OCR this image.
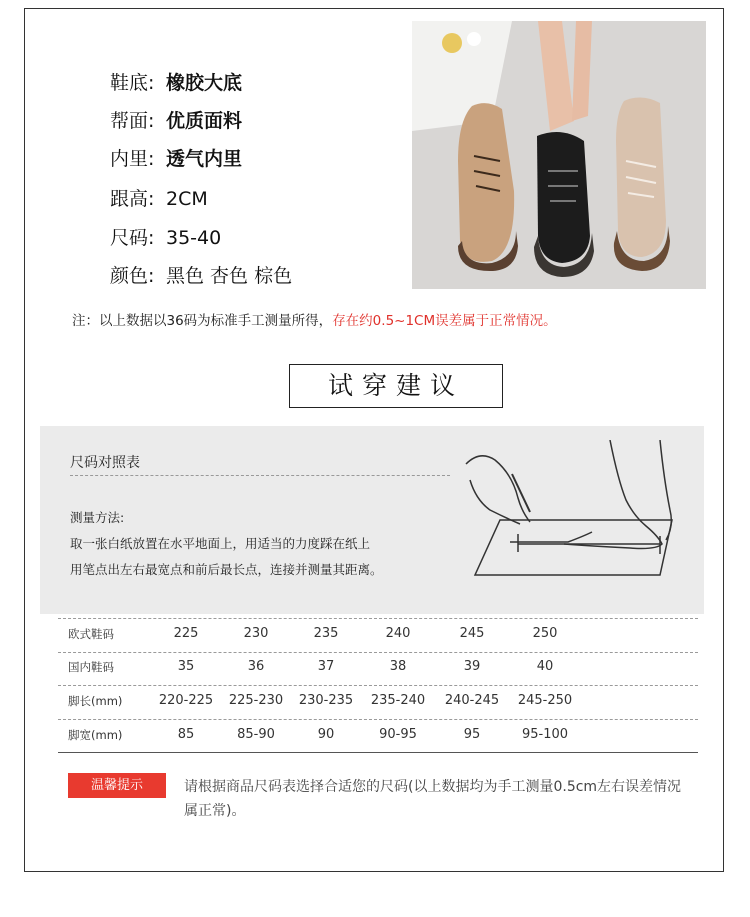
鞋底: 橡胶大底
帮面: 优质面料
内里: 透气内里
跟高: 2CM
尺码: 35-40
颜色: 黑色 杏色 棕色
注：以上数据以36码为标准手工测量所得，存在约0.5~1CM误差属于正常情况。
试穿建议
尺码对照表
测量方法:
取一张白纸放置在水平地面上，用适当的力度踩在纸上
用笔点出左右最宽点和前后最长点，连接并测量其距离。
欧式鞋码	225	230	235	240	245	250
国内鞋码	35	36	37	38	39	40
脚长(mm)	220-225	225-230	230-235	235-240	240-245	245-250
脚宽(mm)	85	85-90	90	90-95	95	95-100
温馨提示	请根据商品尺码表选择合适您的尺码(以上数据均为手工测量0.5cm左右误差情况属正常)。
